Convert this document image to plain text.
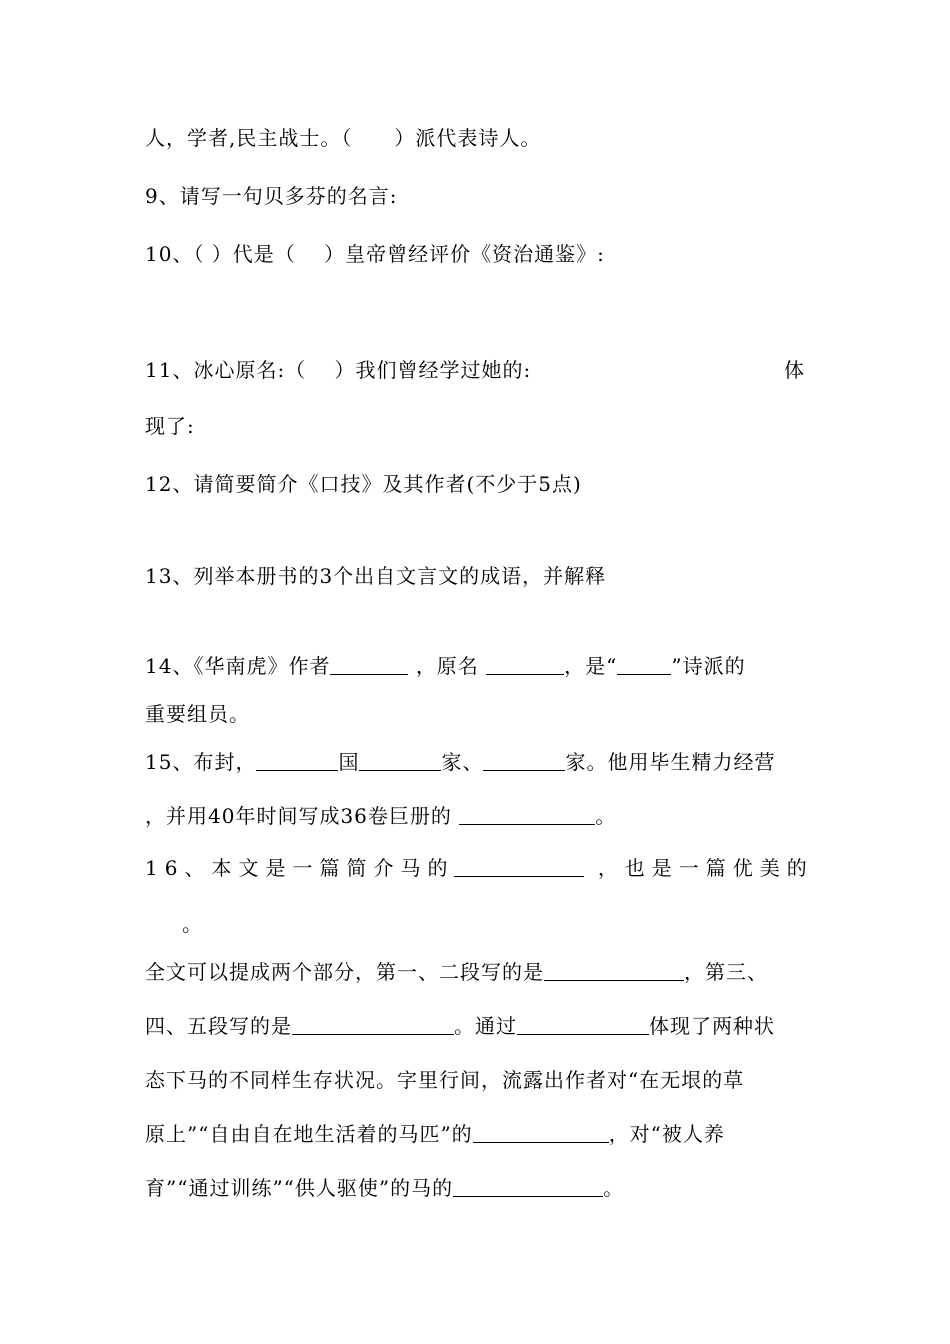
人，学者,民主战士。（　　）派代表诗人。
9、请写一句贝多芬的名言:
10、（ ）代是（　 ）皇帝曾经评价《资治通鉴》:
11、冰心原名:（　 ）我们曾经学过她的:	体
现了:
12、请简要简介《口技》及其作者(不少于5点)
13、列举本册书的3个出自文言文的成语，并解释
14、《华南虎》作者	，原名	，是“	”诗派的
重要组员。
15、布封，	国	家、	家。他用毕生精力经营
，并用40年时间写成36卷巨册的	。
16、本文是一篇简介马的	，也是一篇优美的
。
全文可以提成两个部分，第一、二段写的是	，第三、
四、五段写的是	。通过	体现了两种状
态下马的不同样生存状况。字里行间，流露出作者对“在无垠的草
原上”“自由自在地生活着的马匹”的	，对“被人养
育”“通过训练”“供人驱使”的马的	。
